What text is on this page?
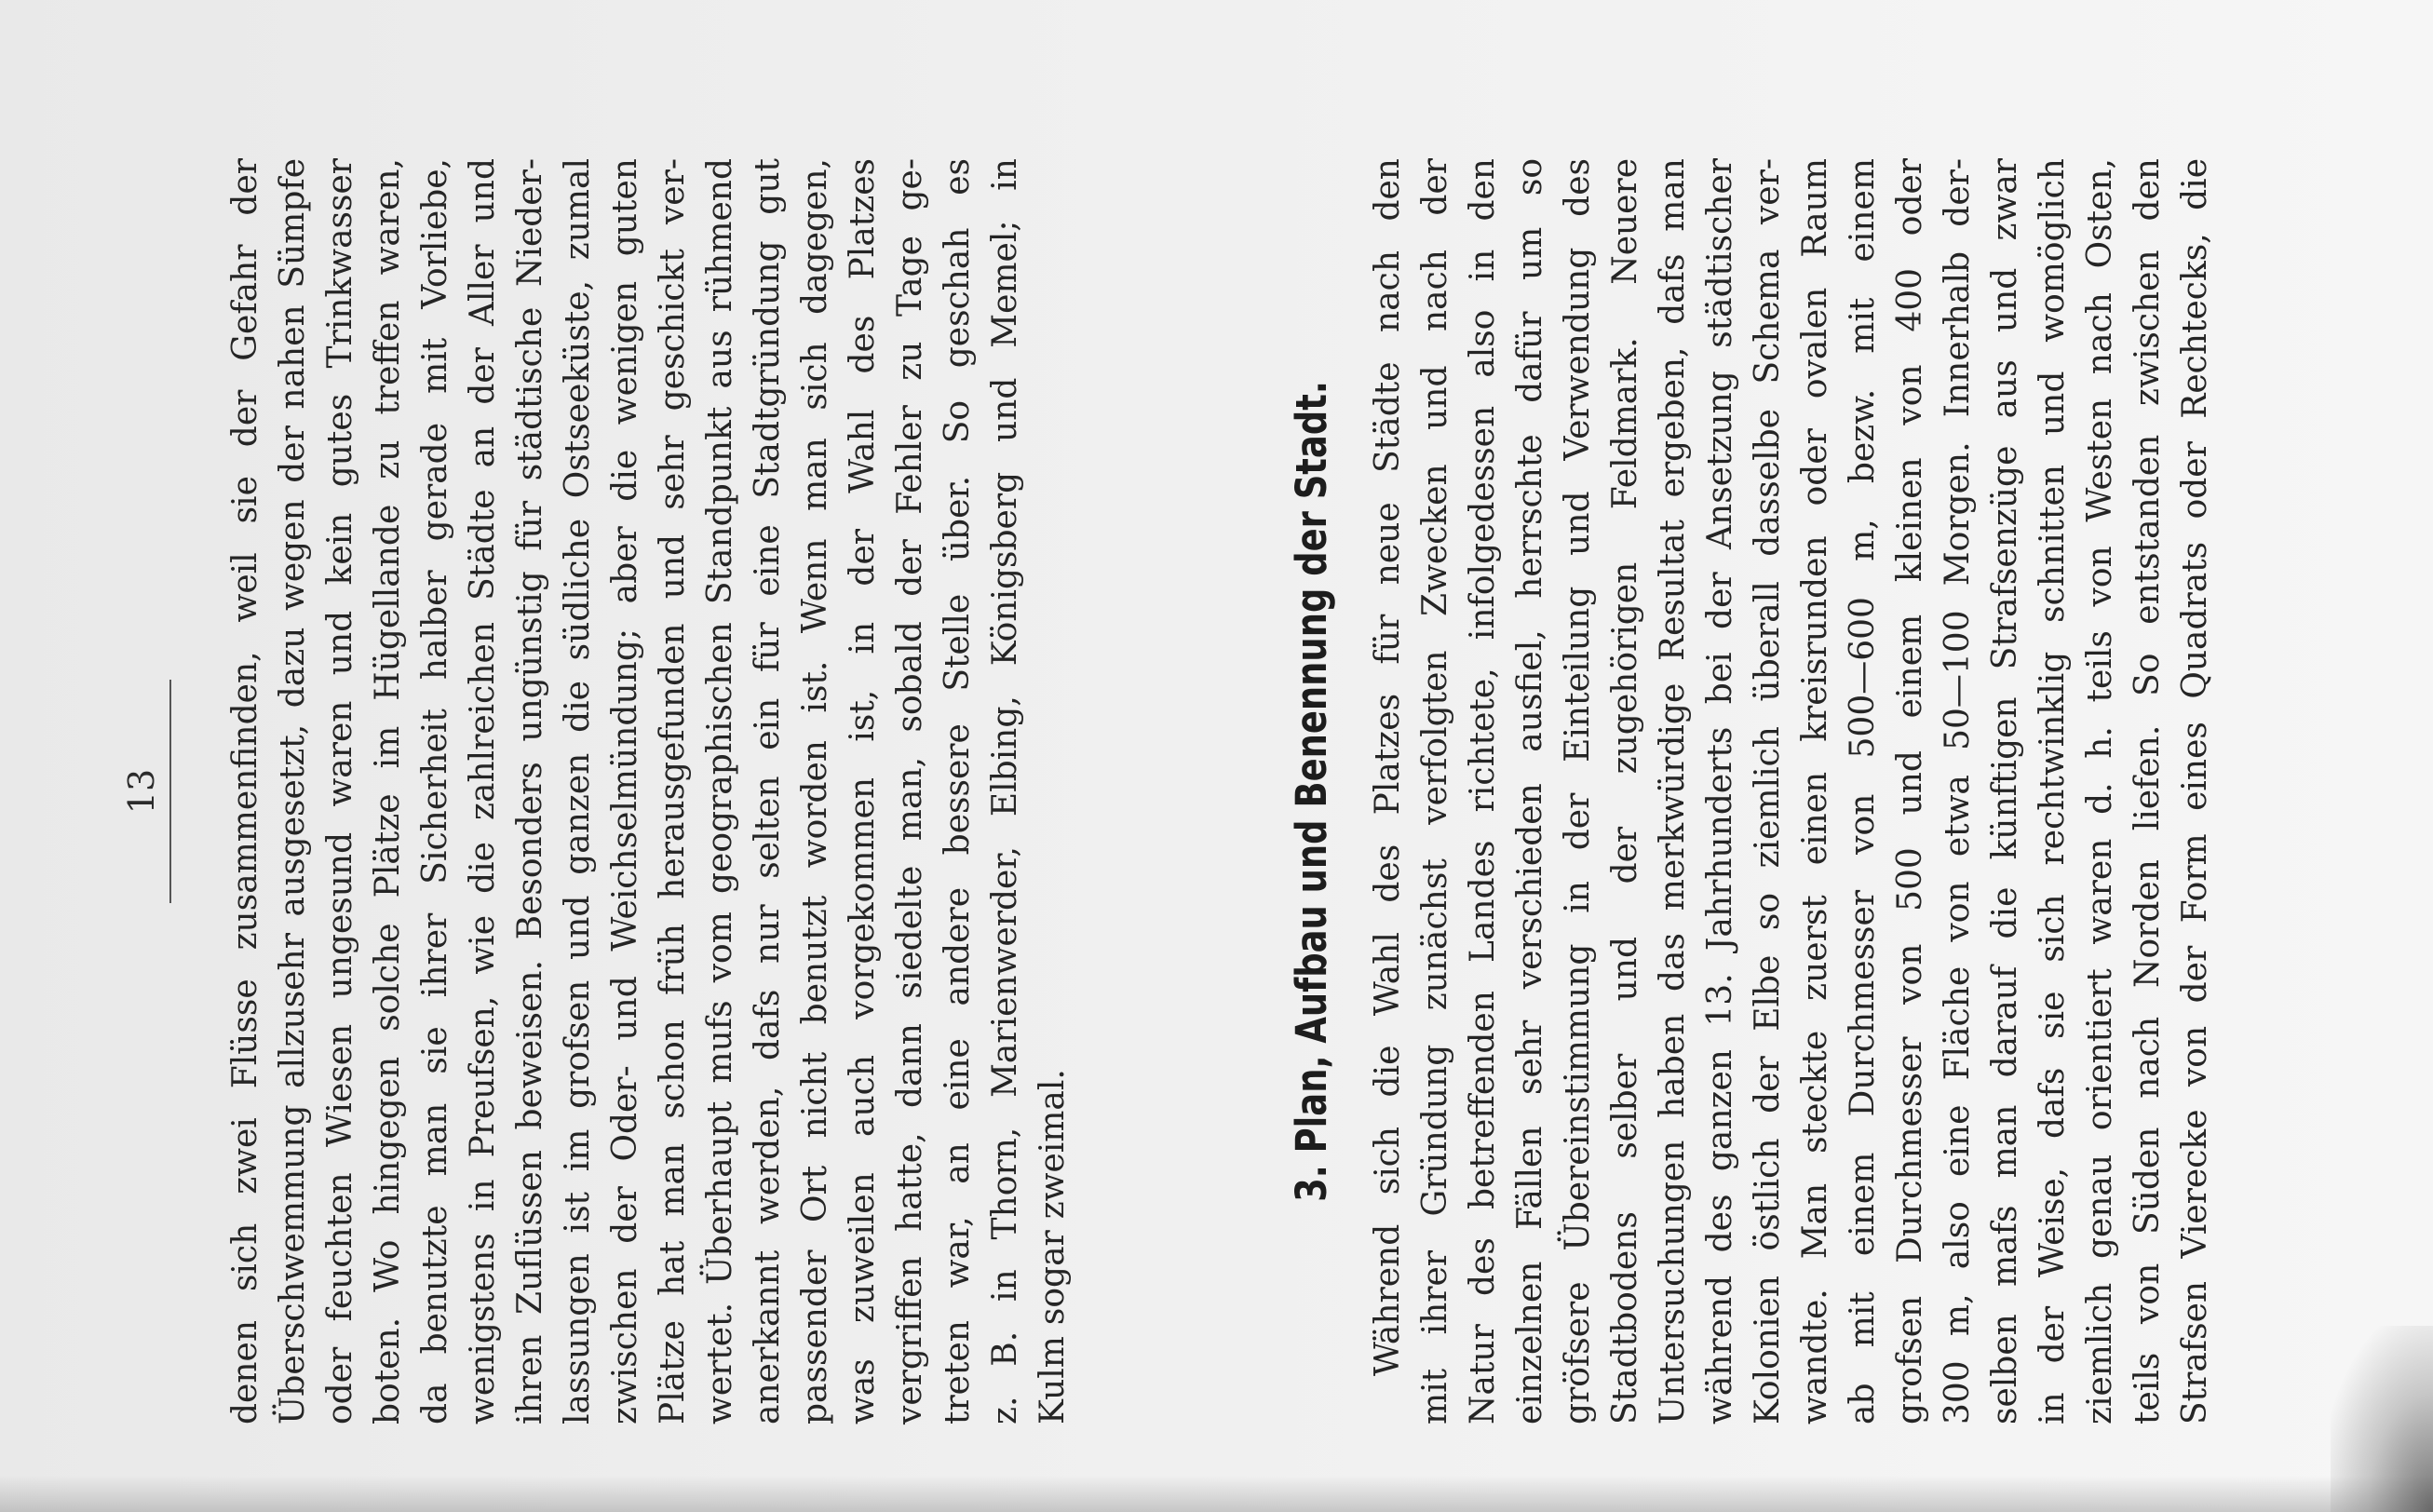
13 denen sich zwei Flüsse zusammenfinden, weil sie der Gefahr der Überschwemmung allzusehr ausgesetzt, dazu wegen der nahen Sümpfe oder feuchten Wiesen ungesund waren und kein gutes Trinkwasser boten. Wo hingegen solche Plätze im Hügellande zu treffen waren, da benutzte man sie ihrer Sicherheit halber gerade mit Vorliebe, wenigstens in Preufsen, wie die zahlreichen Städte an der Aller und ihren Zuflüssen beweisen. Besonders ungünstig für städtische Nieder- lassungen ist im grofsen und ganzen die südliche Ostseeküste, zumal zwischen der Oder- und Weichselmündung; aber die wenigen guten Plätze hat man schon früh herausgefunden und sehr geschickt ver- wertet. Überhaupt mufs vom geographischen Standpunkt aus rühmend anerkannt werden, dafs nur selten ein für eine Stadtgründung gut passender Ort nicht benutzt worden ist. Wenn man sich dagegen, was zuweilen auch vorgekommen ist, in der Wahl des Platzes vergriffen hatte, dann siedelte man, sobald der Fehler zu Tage ge- treten war, an eine andere bessere Stelle über. So geschah es z. B. in Thorn, Marienwerder, Elbing, Königsberg und Memel; in Kulm sogar zweimal.
3. Plan, Aufbau und Benennung der Stadt. Während sich die Wahl des Platzes für neue Städte nach den mit ihrer Gründung zunächst verfolgten Zwecken und nach der Natur des betreffenden Landes richtete, infolgedessen also in den einzelnen Fällen sehr verschieden ausfiel, herrschte dafür um so gröfsere Übereinstimmung in der Einteilung und Verwendung des Stadtbodens selber und der zugehörigen Feldmark. Neuere Untersuchungen haben das merkwürdige Resultat ergeben, dafs man während des ganzen 13. Jahrhunderts bei der Ansetzung städtischer Kolonien östlich der Elbe so ziemlich überall dasselbe Schema ver- wandte. Man steckte zuerst einen kreisrunden oder ovalen Raum ab mit einem Durchmesser von 500—600 m, bezw. mit einem grofsen Durchmesser von 500 und einem kleinen von 400 oder 300 m, also eine Fläche von etwa 50—100 Morgen. Innerhalb der- selben mafs man darauf die künftigen Strafsenzüge aus und zwar in der Weise, dafs sie sich rechtwinklig schnitten und womöglich ziemlich genau orientiert waren d. h. teils von Westen nach Osten, teils von Süden nach Norden liefen. So entstanden zwischen den Strafsen Vierecke von der Form eines Quadrats oder Rechtecks, die
